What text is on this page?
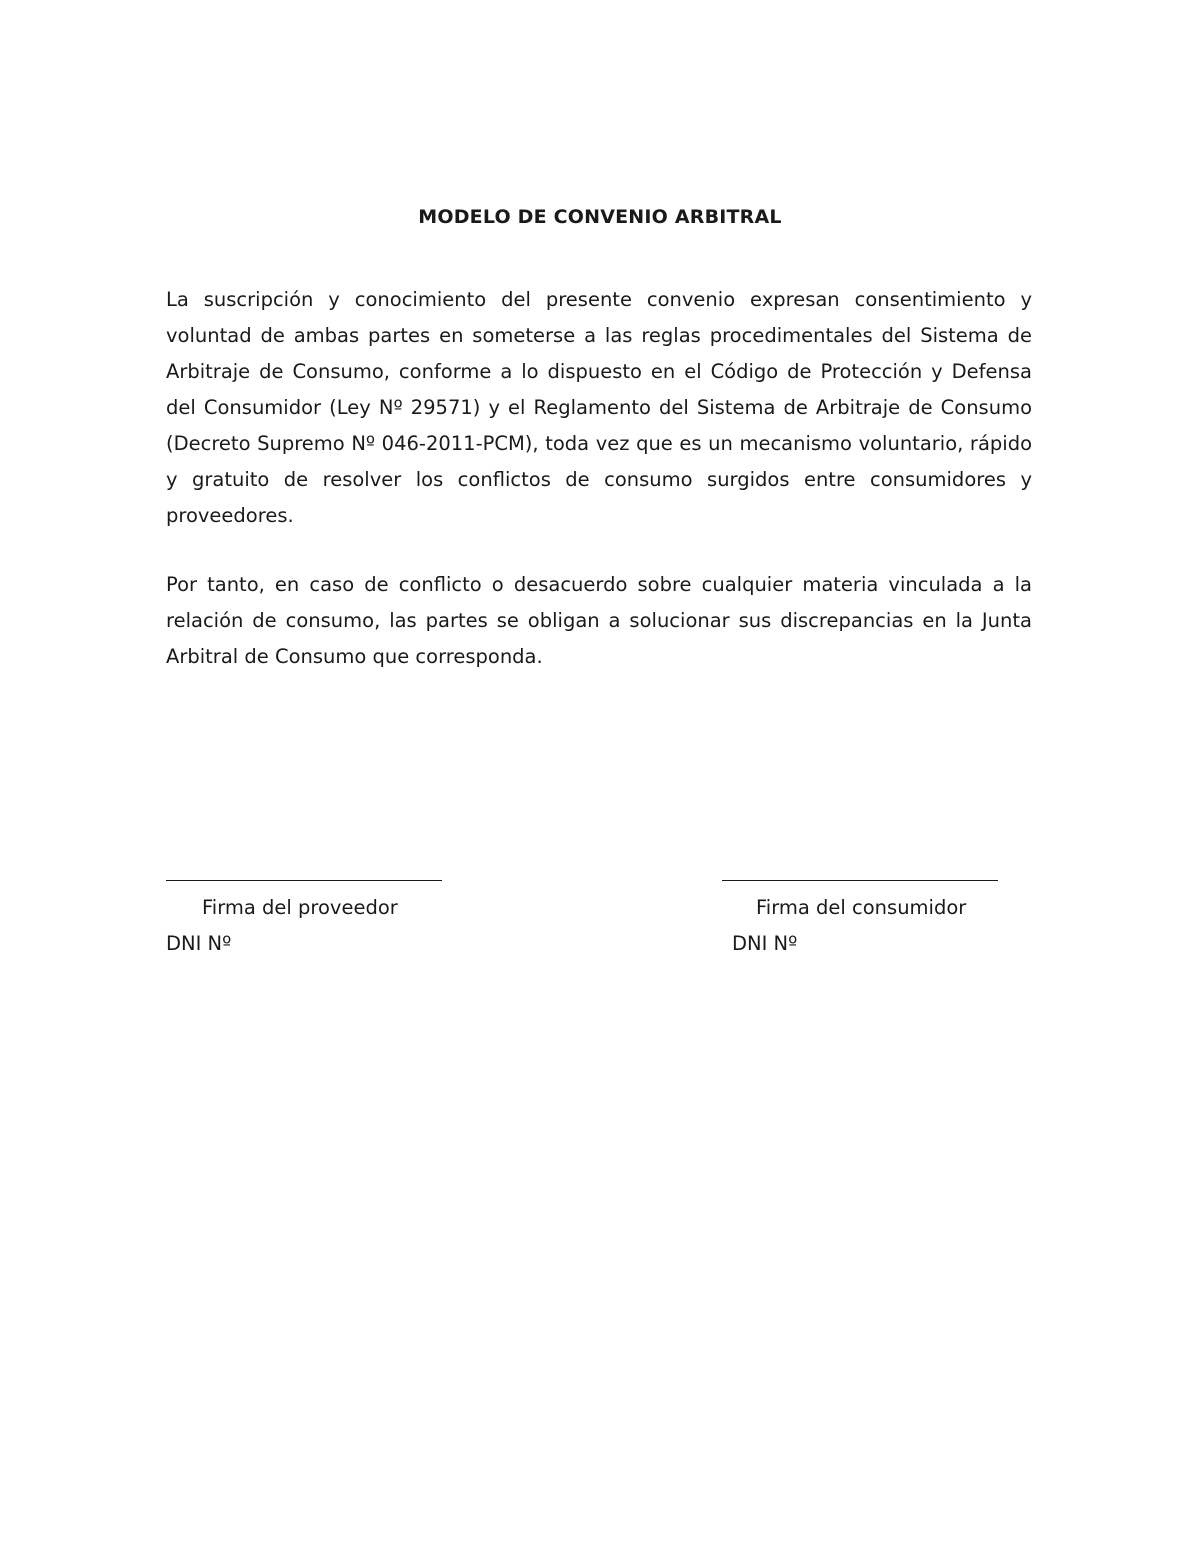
MODELO DE CONVENIO ARBITRAL

La suscripción y conocimiento del presente convenio expresan consentimiento y voluntad de ambas partes en someterse a las reglas procedimentales del Sistema de Arbitraje de Consumo, conforme a lo dispuesto en el Código de Protección y Defensa del Consumidor (Ley Nº 29571) y el Reglamento del Sistema de Arbitraje de Consumo (Decreto Supremo Nº 046-2011-PCM), toda vez que es un mecanismo voluntario, rápido y gratuito de resolver los conflictos de consumo surgidos entre consumidores y proveedores.

Por tanto, en caso de conflicto o desacuerdo sobre cualquier materia vinculada a la relación de consumo, las partes se obligan a solucionar sus discrepancias en la Junta Arbitral de Consumo que corresponda.

Firma del proveedor	Firma del consumidor
DNI Nº	DNI Nº
